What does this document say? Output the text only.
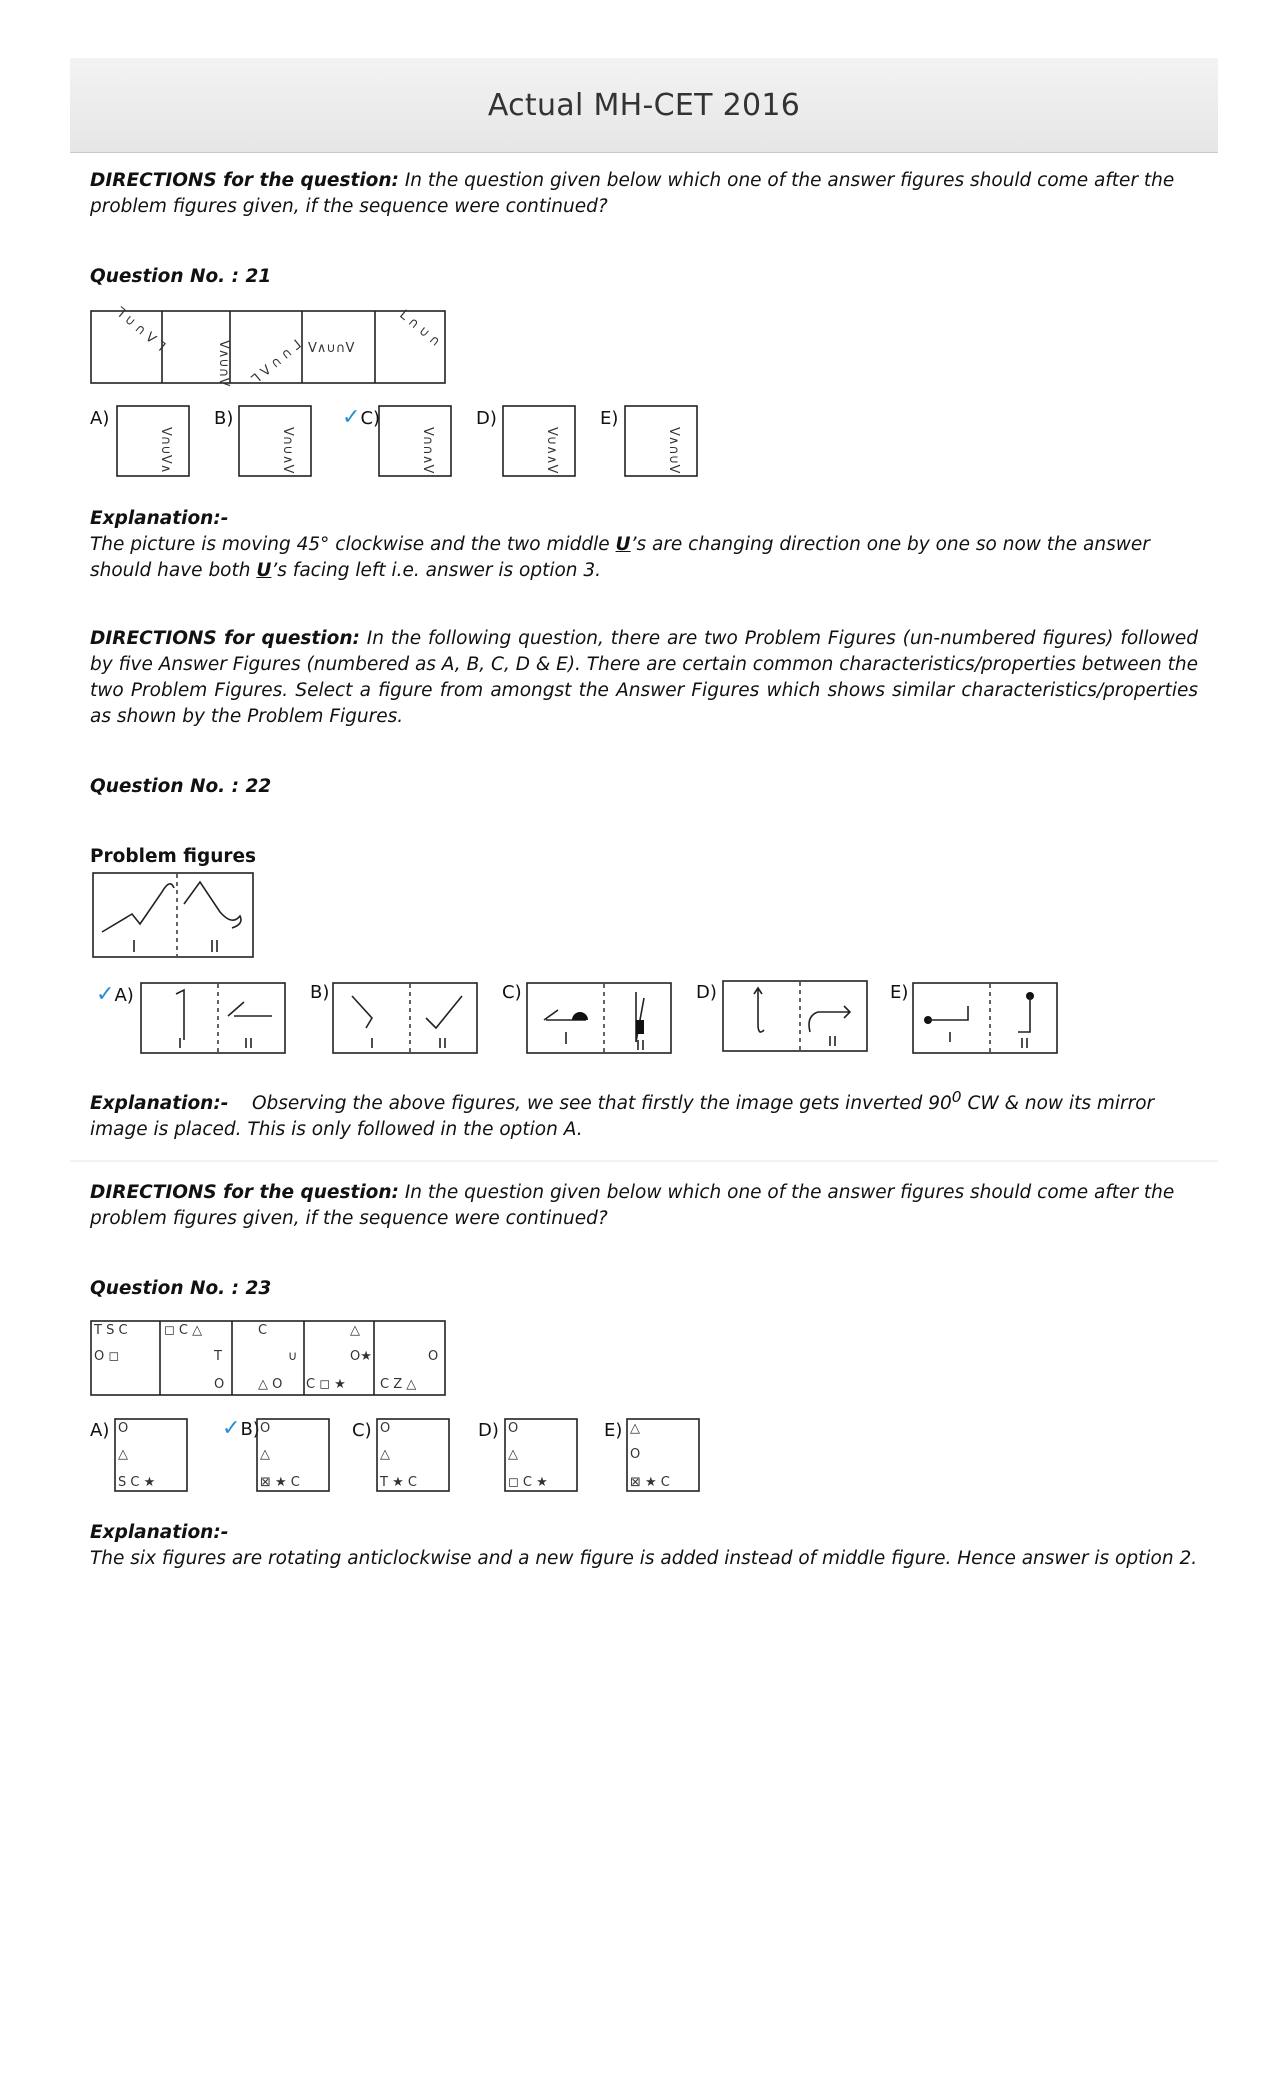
Actual MH-CET 2016
DIRECTIONS for the question: In the question given below which one of the answer figures should come after the problem figures given, if the sequence were continued?
Question No. : 21
ᒣ ∪ ∩ V ᒣ
V∧∪∩V ᒣ V ∩ ∩ ᒧ V∧∪∩V	ᒪ ∩ ∪ ∩
A)
V∩∪V∧
B)
V∩∪∧V
✓C)
V∩∩∧V
D)
V∪∧∧V
E)
V∧∩∪V
Explanation:-
The picture is moving 45° clockwise and the two middle U’s are changing direction one by one so now the answer should have both U’s facing left i.e. answer is option 3.
DIRECTIONS for question: In the following question, there are two Problem Figures (un-numbered figures) followed by five Answer Figures (numbered as A, B, C, D & E). There are certain common characteristics/properties between the two Problem Figures. Select a figure from amongst the Answer Figures which shows similar characteristics/properties as shown by the Problem Figures.
Question No. : 22
Problem figures
✓A)	B)	C)	D)	E)
Explanation:- Observing the above figures, we see that firstly the image gets inverted $90^0$ CW & now its mirror image is placed. This is only followed in the option A.
DIRECTIONS for the question: In the question given below which one of the answer figures should come after the problem figures given, if the sequence were continued?
Question No. : 23
T S C
O ◻
◻ C △
T
O
C
∪
△ O
△
O★
C ◻ ★
O
C Z △
A) O
△
S C ★
✓B) O
△
⊠ ★ C
C) O
△
T ★ C
D) O
△
◻ C ★
E) △
O
⊠ ★ C
Explanation:-
The six figures are rotating anticlockwise and a new figure is added instead of middle figure. Hence answer is option 2.
